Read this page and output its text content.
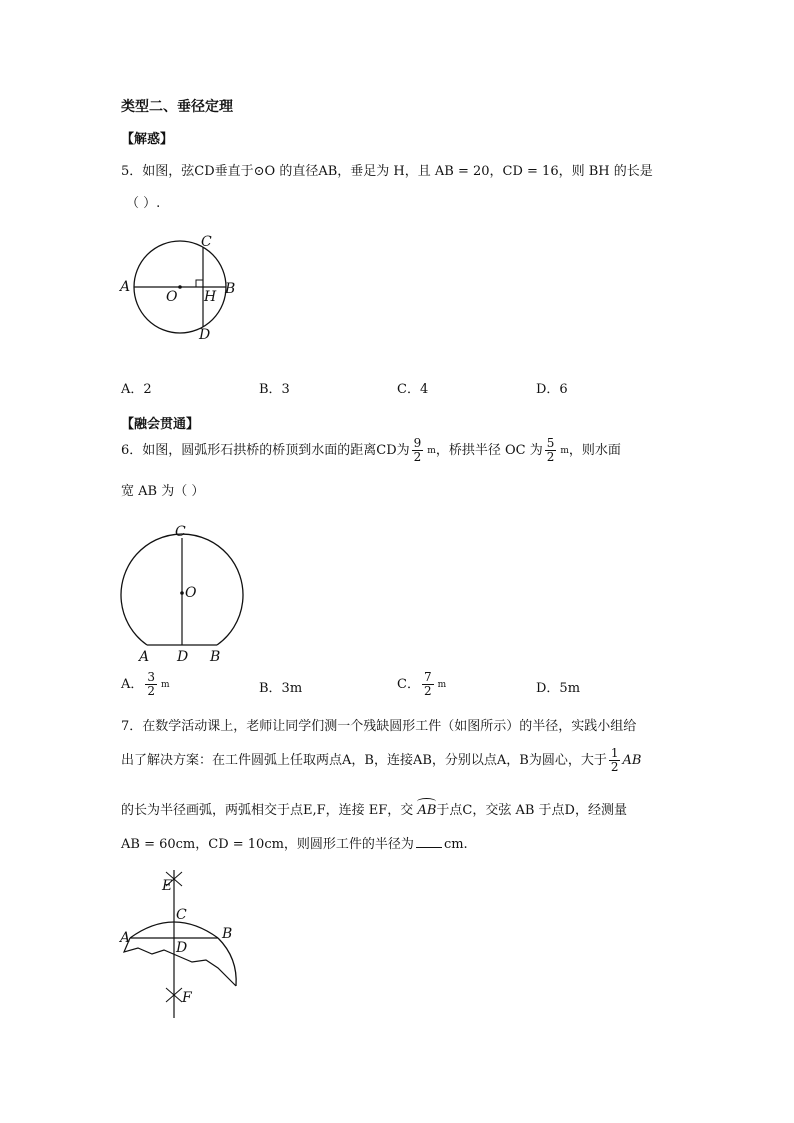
类型二、垂径定理
【解惑】
5．如图，弦CD垂直于⊙O 的直径AB，垂足为 H，且 AB = 20，CD = 16，则 BH 的长是
（ ）.
A
O H B
C
D
A．2	B．3	C．4	D．6
【融会贯通】
6．如图，圆弧形石拱桥的桥顶到水面的距离CD为 $\frac{9}{2}$ m，桥拱半径 OC 为 $\frac{5}{2}$ m，则水面
宽 AB 为（ ）
C
O
A D B
A． $\frac{3}{2}$ m	B．3m	C． $\frac{7}{2}$ m	D．5m
7．在数学活动课上，老师让同学们测一个残缺圆形工件（如图所示）的半径，实践小组给
出了解决方案：在工件圆弧上任取两点A，B，连接AB，分别以点A，B为圆心，大于 $\frac{1}{2}$ AB
的长为半径画弧，两弧相交于点E,F，连接 EF，交 AB于点C，交弦 AB 于点D，经测量
AB = 60cm，CD = 10cm，则圆形工件的半径为 cm.
E
C
A	B
D
F
